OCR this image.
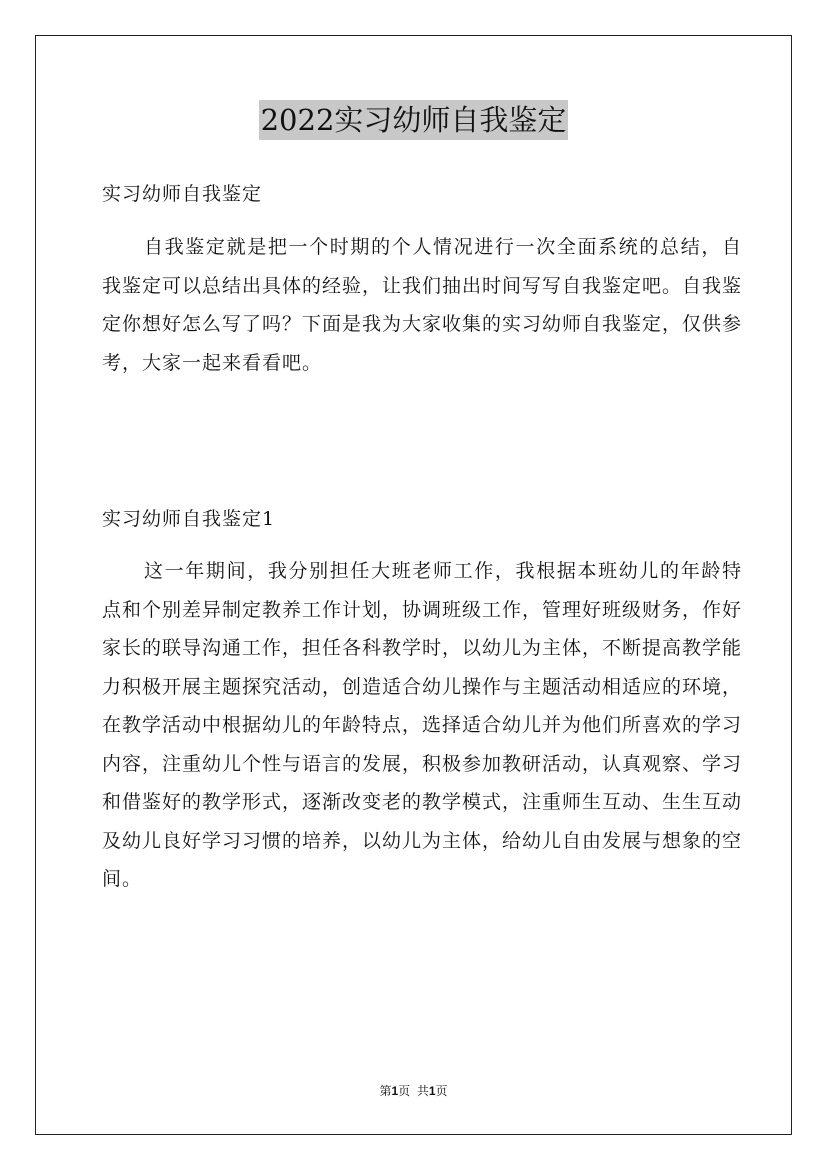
2022实习幼师自我鉴定
实习幼师自我鉴定
自我鉴定就是把一个时期的个人情况进行一次全面系统的总结，自我鉴定可以总结出具体的经验，让我们抽出时间写写自我鉴定吧。自我鉴定你想好怎么写了吗？下面是我为大家收集的实习幼师自我鉴定，仅供参考，大家一起来看看吧。
实习幼师自我鉴定1
这一年期间，我分别担任大班老师工作，我根据本班幼儿的年龄特点和个别差异制定教养工作计划，协调班级工作，管理好班级财务，作好家长的联导沟通工作，担任各科教学时，以幼儿为主体，不断提高教学能力积极开展主题探究活动，创造适合幼儿操作与主题活动相适应的环境，在教学活动中根据幼儿的年龄特点，选择适合幼儿并为他们所喜欢的学习内容，注重幼儿个性与语言的发展，积极参加教研活动，认真观察、学习和借鉴好的教学形式，逐渐改变老的教学模式，注重师生互动、生生互动及幼儿良好学习习惯的培养，以幼儿为主体，给幼儿自由发展与想象的空间。
第1页  共1页
